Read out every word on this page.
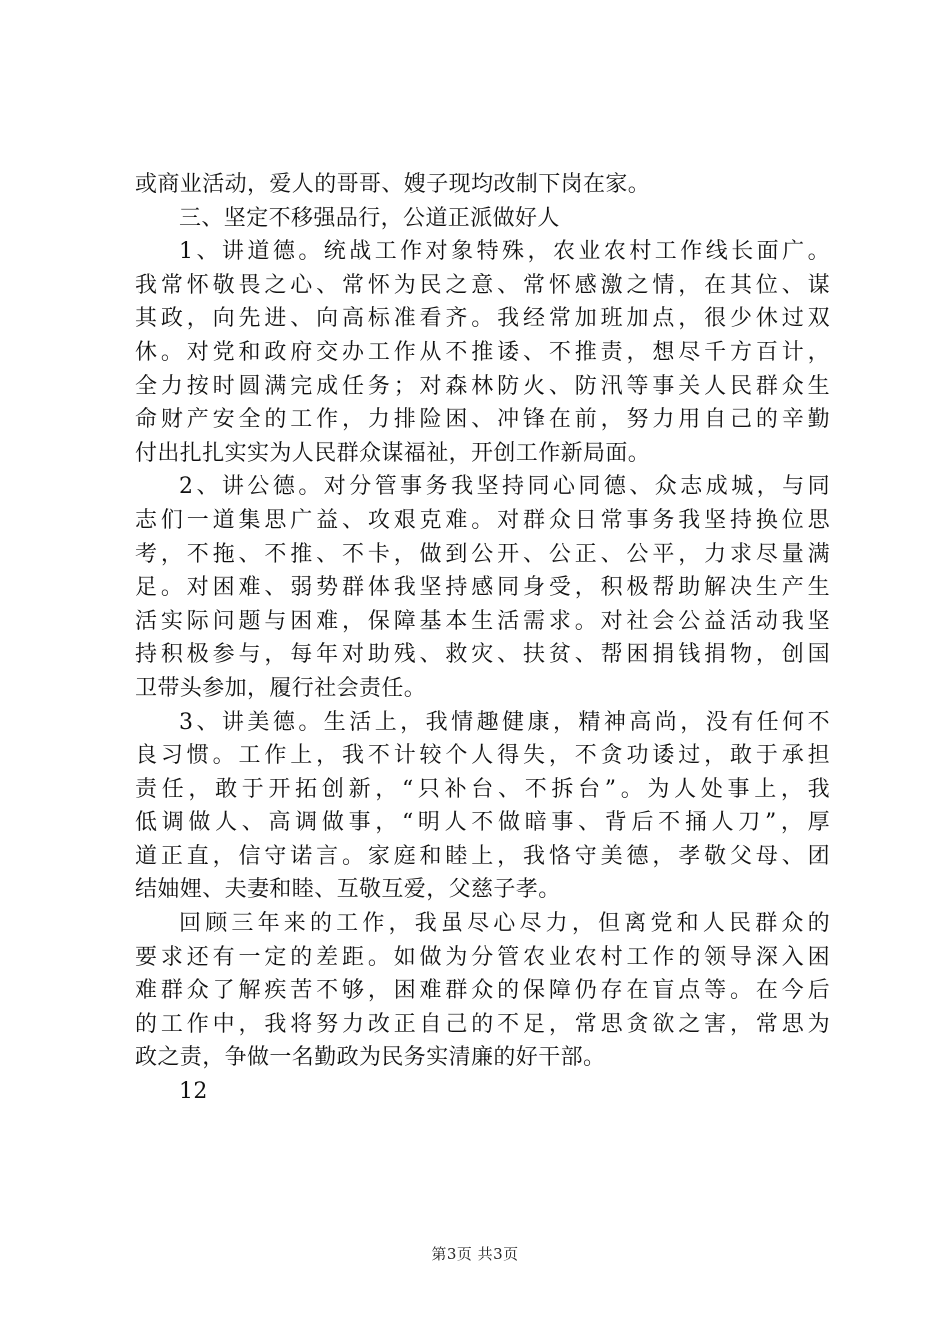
或商业活动，爱人的哥哥、嫂子现均改制下岗在家。
三、坚定不移强品行，公道正派做好人
1、讲道德。统战工作对象特殊，农业农村工作线长面广。
我常怀敬畏之心、常怀为民之意、常怀感激之情，在其位、谋
其政，向先进、向高标准看齐。我经常加班加点，很少休过双
休。对党和政府交办工作从不推诿、不推责，想尽千方百计，
全力按时圆满完成任务；对森林防火、防汛等事关人民群众生
命财产安全的工作，力排险困、冲锋在前，努力用自己的辛勤
付出扎扎实实为人民群众谋福祉，开创工作新局面。
2、讲公德。对分管事务我坚持同心同德、众志成城，与同
志们一道集思广益、攻艰克难。对群众日常事务我坚持换位思
考，不拖、不推、不卡，做到公开、公正、公平，力求尽量满
足。对困难、弱势群体我坚持感同身受，积极帮助解决生产生
活实际问题与困难，保障基本生活需求。对社会公益活动我坚
持积极参与，每年对助残、救灾、扶贫、帮困捐钱捐物，创国
卫带头参加，履行社会责任。
3、讲美德。生活上，我情趣健康，精神高尚，没有任何不
良习惯。工作上，我不计较个人得失，不贪功诿过，敢于承担
责任，敢于开拓创新，“只补台、不拆台”。为人处事上，我
低调做人、高调做事，“明人不做暗事、背后不捅人刀”，厚
道正直，信守诺言。家庭和睦上，我恪守美德，孝敬父母、团
结妯娌、夫妻和睦、互敬互爱，父慈子孝。
回顾三年来的工作，我虽尽心尽力，但离党和人民群众的
要求还有一定的差距。如做为分管农业农村工作的领导深入困
难群众了解疾苦不够，困难群众的保障仍存在盲点等。在今后
的工作中，我将努力改正自己的不足，常思贪欲之害，常思为
政之责，争做一名勤政为民务实清廉的好干部。
12
第3页 共3页
